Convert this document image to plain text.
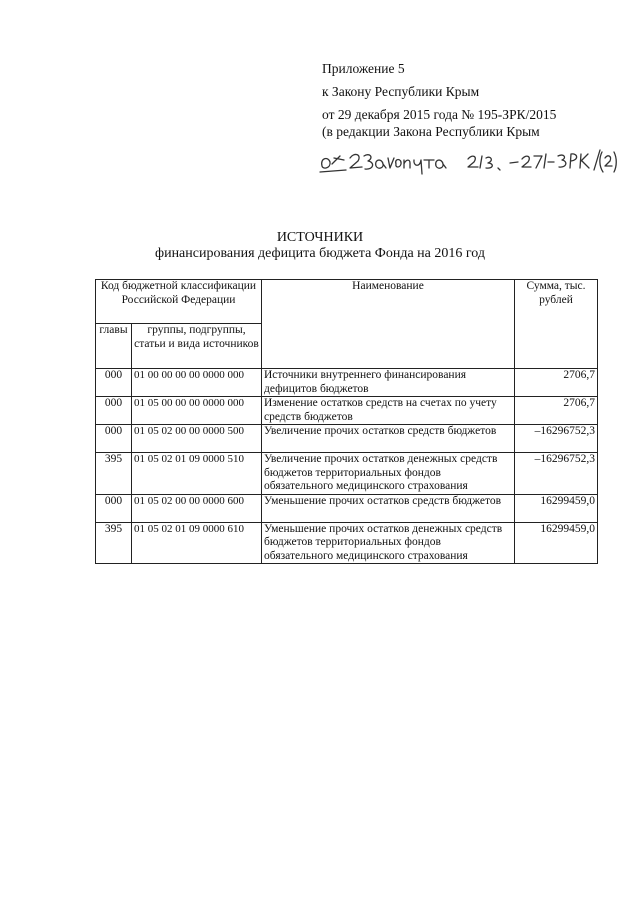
Приложение 5
к Закону Республики Крым
от 29 декабря 2015 года № 195-ЗРК/2015
(в редакции Закона Республики Крым
ИСТОЧНИКИ
финансирования дефицита бюджета Фонда на 2016 год
Код бюджетной классификации Российской Федерации		Наименование	Сумма, тыс. рублей
главы	группы, подгруппы, статьи и вида источников		
000	01 00 00 00 00 0000 000	Источники внутреннего финансирования дефицитов бюджетов	2706,7
000	01 05 00 00 00 0000 000	Изменение остатков средств на счетах по учету средств бюджетов	2706,7
000	01 05 02 00 00 0000 500	Увеличение прочих остатков средств бюджетов	–16296752,3
395	01 05 02 01 09 0000 510	Увеличение прочих остатков денежных средств бюджетов территориальных фондов обязательного медицинского страхования	–16296752,3
000	01 05 02 00 00 0000 600	Уменьшение прочих остатков средств бюджетов	16299459,0
395	01 05 02 01 09 0000 610	Уменьшение прочих остатков денежных средств бюджетов территориальных фондов обязательного медицинского страхования	16299459,0
